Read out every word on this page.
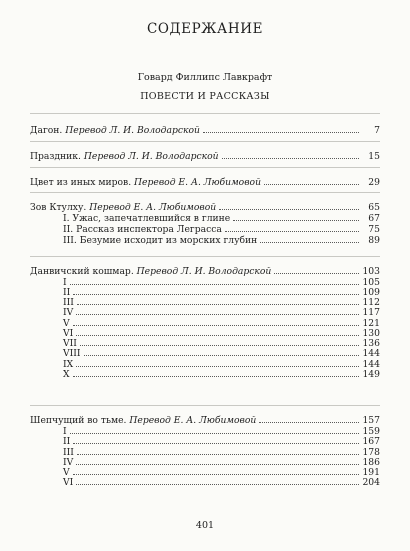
СОДЕРЖАНИЕ
Говард Филлипс Лавкрафт
ПОВЕСТИ И РАССКАЗЫ
Дагон. Перевод Л. И. Володарской	7
Праздник. Перевод Л. И. Володарской	15
Цвет из иных миров. Перевод Е. А. Любимовой	29
Зов Ктулху. Перевод Е. А. Любимовой	65
I. Ужас, запечатлевшийся в глине	67
II. Рассказ инспектора Леграсса	75
III. Безумие исходит из морских глубин	89
Данвичский кошмар. Перевод Л. И. Володарской	103
I	105
II	109
III	112
IV	117
V	121
VI	130
VII	136
VIII	144
IX	144
X	149
Шепчущий во тьме. Перевод Е. А. Любимовой	157
I	159
II	167
III	178
IV	186
V	191
VI	204
401
